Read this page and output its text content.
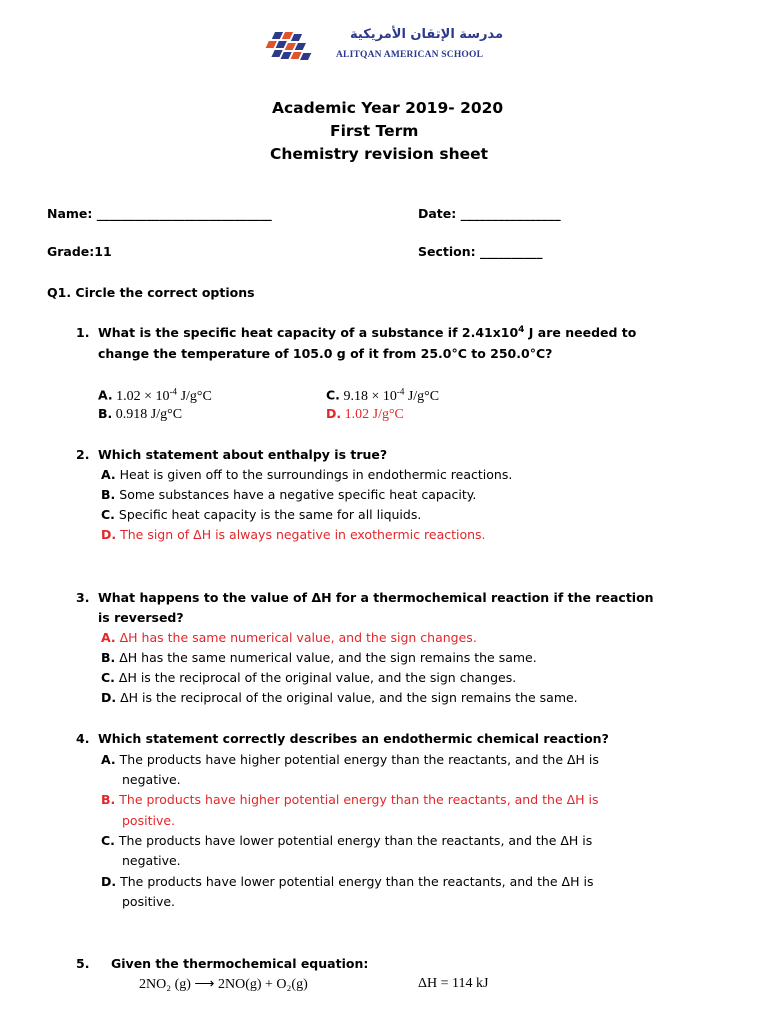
مدرسة الإتقان الأمريكية
ALITQAN AMERICAN SCHOOL
Academic Year 2019- 2020
First Term
Chemistry revision sheet
Name: ____________________________	Date: ________________
Grade:11	Section: __________
Q1. Circle the correct options
1. What is the specific heat capacity of a substance if $2.41x10^4$ J are needed to
change the temperature of 105.0 g of it from 25.0°C to 250.0°C?
A. $1.02 \times 10^{-4}$ J/g°C	C. $9.18 \times 10^{-4}$ J/g°C
B. 0.918 J/g°C	D. 1.02 J/g°C
2. Which statement about enthalpy is true?
A. Heat is given off to the surroundings in endothermic reactions.
B. Some substances have a negative specific heat capacity.
C. Specific heat capacity is the same for all liquids.
D. The sign of ΔH is always negative in exothermic reactions.
3. What happens to the value of ΔH for a thermochemical reaction if the reaction
is reversed?
A. ΔH has the same numerical value, and the sign changes.
B. ΔH has the same numerical value, and the sign remains the same.
C. ΔH is the reciprocal of the original value, and the sign changes.
D. ΔH is the reciprocal of the original value, and the sign remains the same.
4. Which statement correctly describes an endothermic chemical reaction?
A. The products have higher potential energy than the reactants, and the ΔH is
negative.
B. The products have higher potential energy than the reactants, and the ΔH is
positive.
C. The products have lower potential energy than the reactants, and the ΔH is
negative.
D. The products have lower potential energy than the reactants, and the ΔH is
positive.
5. Given the thermochemical equation:
2NO₂ (g) ⟶ 2NO(g) + O₂(g)	ΔH = 114 kJ
